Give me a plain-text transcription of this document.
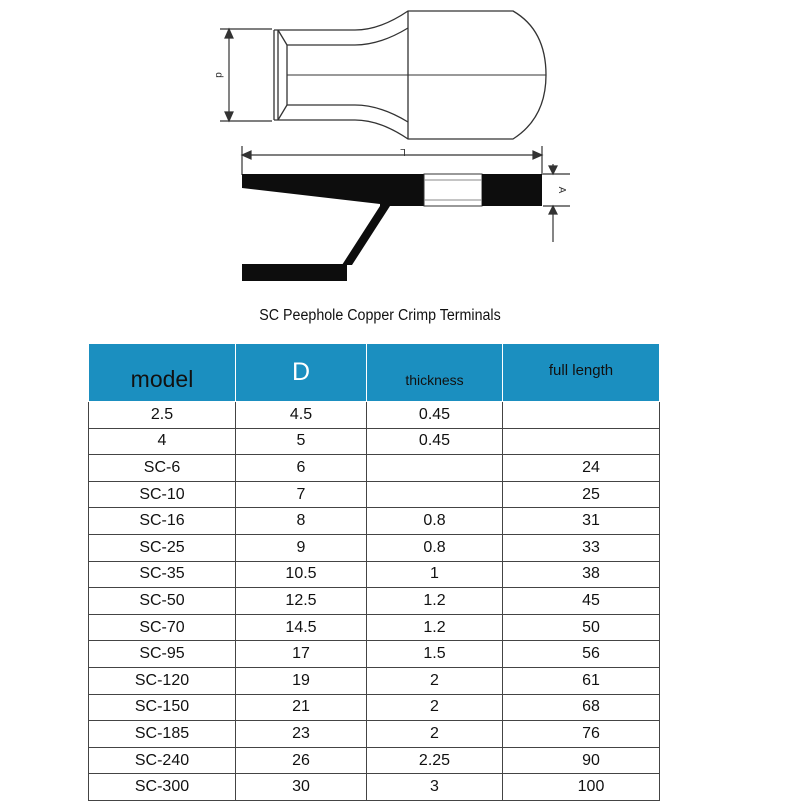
d
L
A
SC Peephole Copper Crimp Terminals
model	D	thickness	full length
2.5	4.5	0.45	
4	5	0.45	
SC-6	6		24
SC-10	7		25
SC-16	8	0.8	31
SC-25	9	0.8	33
SC-35	10.5	1	38
SC-50	12.5	1.2	45
SC-70	14.5	1.2	50
SC-95	17	1.5	56
SC-120	19	2	61
SC-150	21	2	68
SC-185	23	2	76
SC-240	26	2.25	90
SC-300	30	3	100
